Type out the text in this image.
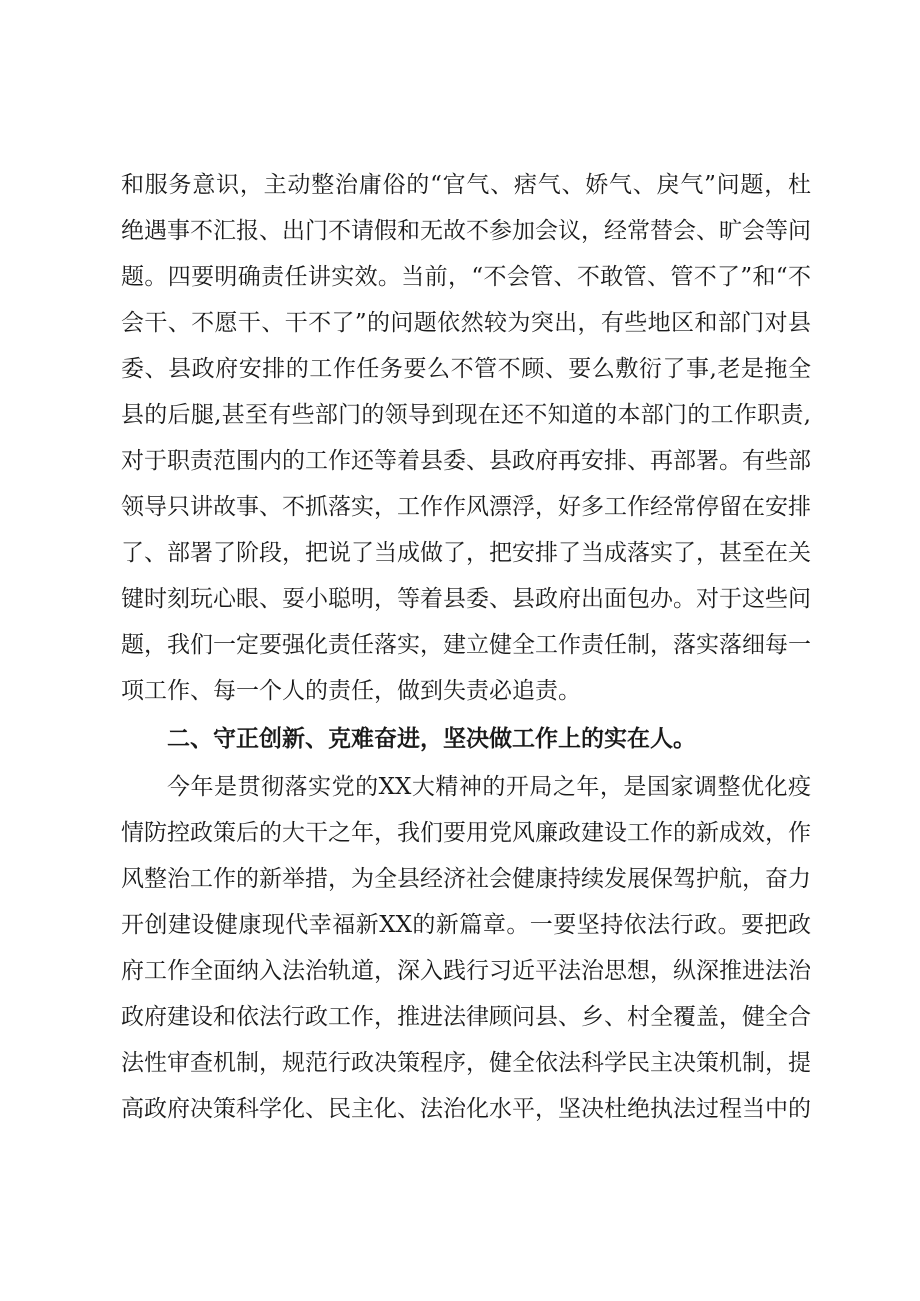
和服务意识，主动整治庸俗的“官气、痞气、娇气、戾气”问题，杜
绝遇事不汇报、出门不请假和无故不参加会议，经常替会、旷会等问
题。四要明确责任讲实效。当前，“不会管、不敢管、管不了”和“不
会干、不愿干、干不了”的问题依然较为突出，有些地区和部门对县
委、县政府安排的工作任务要么不管不顾、要么敷衍了事,老是拖全
县的后腿,甚至有些部门的领导到现在还不知道的本部门的工作职责,
对于职责范围内的工作还等着县委、县政府再安排、再部署。有些部
领导只讲故事、不抓落实，工作作风漂浮，好多工作经常停留在安排
了、部署了阶段，把说了当成做了，把安排了当成落实了，甚至在关
键时刻玩心眼、耍小聪明，等着县委、县政府出面包办。对于这些问
题，我们一定要强化责任落实，建立健全工作责任制，落实落细每一
项工作、每一个人的责任，做到失责必追责。
二、守正创新、克难奋进，坚决做工作上的实在人。
今年是贯彻落实党的XX大精神的开局之年，是国家调整优化疫
情防控政策后的大干之年，我们要用党风廉政建设工作的新成效，作
风整治工作的新举措，为全县经济社会健康持续发展保驾护航，奋力
开创建设健康现代幸福新XX的新篇章。一要坚持依法行政。要把政
府工作全面纳入法治轨道，深入践行习近平法治思想，纵深推进法治
政府建设和依法行政工作，推进法律顾问县、乡、村全覆盖，健全合
法性审查机制，规范行政决策程序，健全依法科学民主决策机制，提
高政府决策科学化、民主化、法治化水平，坚决杜绝执法过程当中的
